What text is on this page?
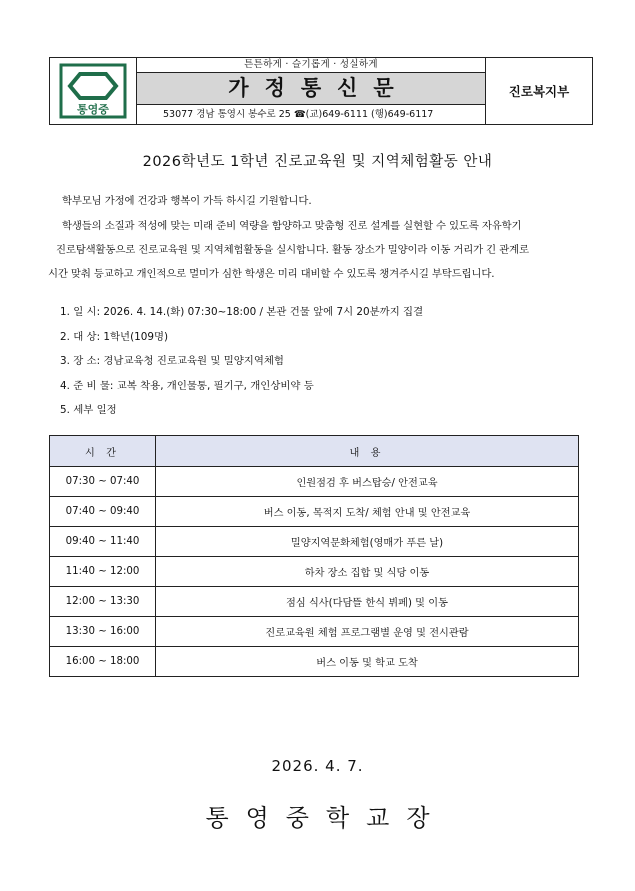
통영중
튼튼하게 · 슬기롭게 · 성실하게
가정통신문
53077 경남 통영시 봉수로 25 ☎(교)649-6111 (행)649-6117
진로복지부
2026학년도 1학년 진로교육원 및 지역체험활동 안내
학부모님 가정에 건강과 행복이 가득 하시길 기원합니다.
학생들의 소질과 적성에 맞는 미래 준비 역량을 함양하고 맞춤형 진로 설계를 실현할 수 있도록 자유학기
진로탐색활동으로 진로교육원 및 지역체험활동을 실시합니다. 활동 장소가 밀양이라 이동 거리가 긴 관계로
시간 맞춰 등교하고 개인적으로 멀미가 심한 학생은 미리 대비할 수 있도록 챙겨주시길 부탁드립니다.
1. 일 시: 2026. 4. 14.(화) 07:30~18:00 / 본관 건물 앞에 7시 20분까지 집결
2. 대 상: 1학년(109명)
3. 장 소: 경남교육청 진로교육원 및 밀양지역체험
4. 준 비 물: 교복 착용, 개인물통, 필기구, 개인상비약 등
5. 세부 일정
시 간	내 용
07:30 ~ 07:40	인원점검 후 버스탑승/ 안전교육
07:40 ~ 09:40	버스 이동, 목적지 도착/ 체험 안내 및 안전교육
09:40 ~ 11:40	밀양지역문화체험(영매가 푸른 날)
11:40 ~ 12:00	하차 장소 집합 및 식당 이동
12:00 ~ 13:30	점심 식사(다담뜰 한식 뷔페) 및 이동
13:30 ~ 16:00	진로교육원 체험 프로그램별 운영 및 전시관람
16:00 ~ 18:00	버스 이동 및 학교 도착
2026. 4. 7.
통영중학교장
